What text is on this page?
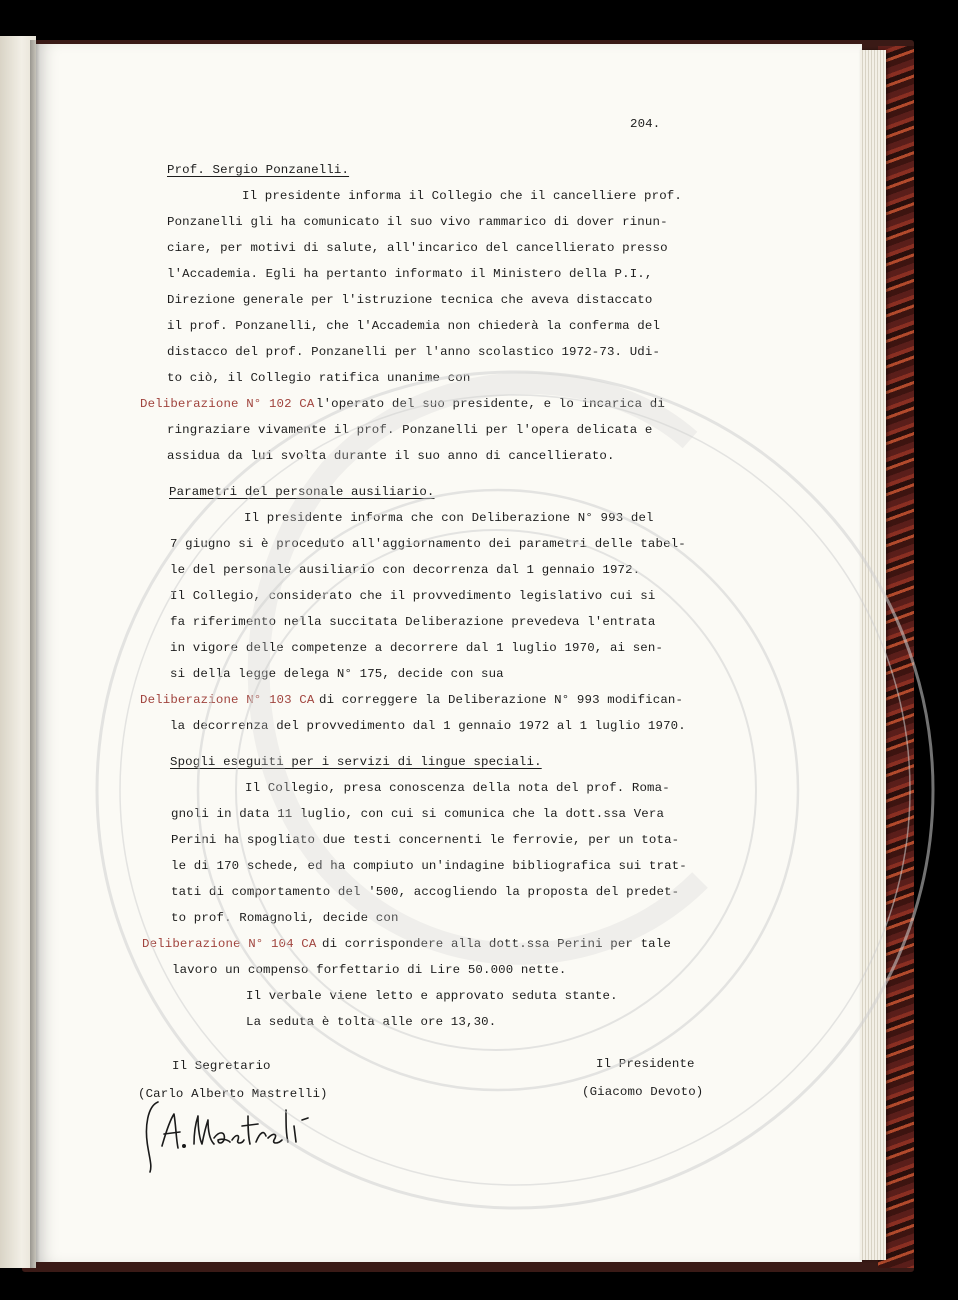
204.
Prof. Sergio Ponzanelli.
Il presidente informa il Collegio che il cancelliere prof.
Ponzanelli gli ha comunicato il suo vivo rammarico di dover rinun-
ciare, per motivi di salute, all'incarico del cancellierato presso
l'Accademia. Egli ha pertanto informato il Ministero della P.I.,
Direzione generale per l'istruzione tecnica che aveva distaccato
il prof. Ponzanelli, che l'Accademia non chiederà la conferma del
distacco del prof. Ponzanelli per l'anno scolastico 1972-73. Udi-
to ciò, il Collegio ratifica unanime con
Deliberazione N° 102 CA l'operato del suo presidente, e lo incarica di
ringraziare vivamente il prof. Ponzanelli per l'opera delicata e
assidua da lui svolta durante il suo anno di cancellierato.
Parametri del personale ausiliario.
Il presidente informa che con Deliberazione N° 993 del
7 giugno si è proceduto all'aggiornamento dei parametri delle tabel-
le del personale ausiliario con decorrenza dal 1 gennaio 1972.
Il Collegio, considerato che il provvedimento legislativo cui si
fa riferimento nella succitata Deliberazione prevedeva l'entrata
in vigore delle competenze a decorrere dal 1 luglio 1970, ai sen-
si della legge delega N° 175, decide con sua
Deliberazione N° 103 CA di correggere la Deliberazione N° 993 modifican-
la decorrenza del provvedimento dal 1 gennaio 1972 al 1 luglio 1970.
Spogli eseguiti per i servizi di lingue speciali.
Il Collegio, presa conoscenza della nota del prof. Roma-
gnoli in data 11 luglio, con cui si comunica che la dott.ssa Vera
Perini ha spogliato due testi concernenti le ferrovie, per un tota-
le di 170 schede, ed ha compiuto un'indagine bibliografica sui trat-
tati di comportamento del '500, accogliendo la proposta del predet-
to prof. Romagnoli, decide con
Deliberazione N° 104 CA di corrispondere alla dott.ssa Perini per tale
lavoro un compenso forfettario di Lire 50.000 nette.
Il verbale viene letto e approvato seduta stante.
La seduta è tolta alle ore 13,30.
Il Segretario
(Carlo Alberto Mastrelli)
Il Presidente
(Giacomo Devoto)
